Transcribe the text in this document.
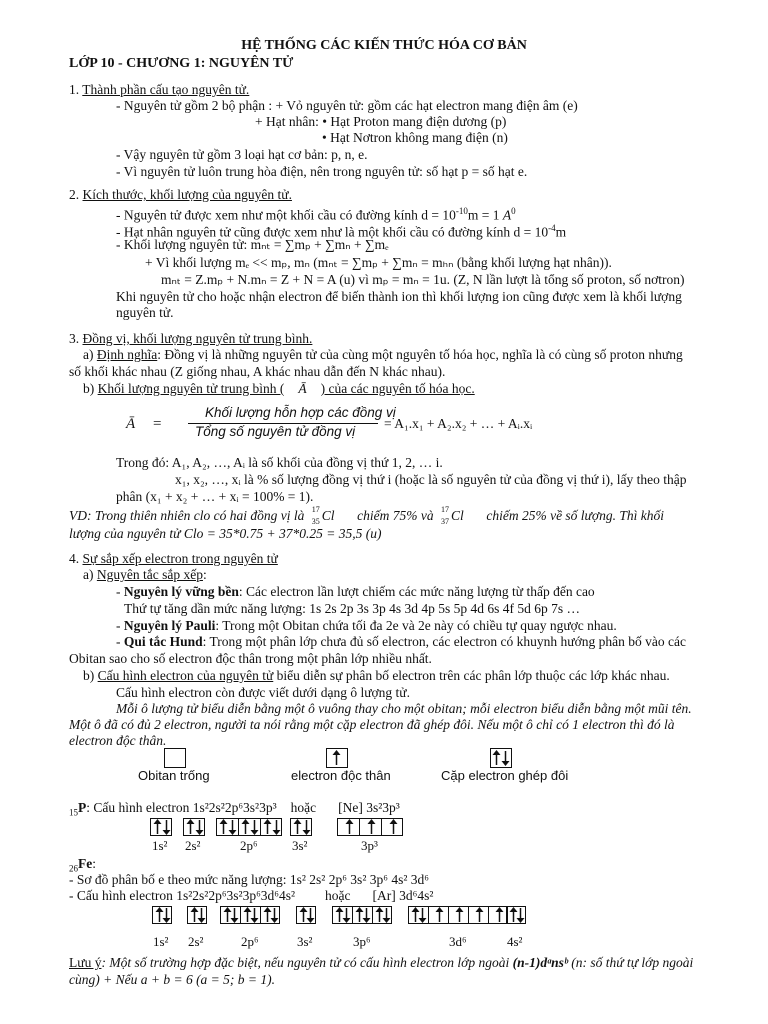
HỆ THỐNG CÁC KIẾN THỨC HÓA CƠ BẢN
LỚP 10 - CHƯƠNG 1: NGUYÊN TỬ
1. Thành phần cấu tạo nguyên tử.
- Nguyên tử gồm 2 bộ phận : + Vỏ nguyên tử: gồm các hạt electron mang điện âm (e)
+ Hạt nhân: • Hạt Proton mang điện dương (p)
• Hạt Nơtron không mang điện (n)
- Vậy nguyên tử gồm 3 loại hạt cơ bản: p, n, e.
- Vì nguyên tử luôn trung hòa điện, nên trong nguyên tử: số hạt p = số hạt e.
2. Kích thước, khối lượng của nguyên tử.
- Nguyên tử được xem như một khối cầu có đường kính $d = 10^{-10}m = 1$ $A^0$
- Hạt nhân nguyên tử cũng được xem như là một khối cầu có đường kính $d = 10^{-4}m$
- Khối lượng nguyên tử: mₙₜ = ∑mₚ + ∑mₙ + ∑mₑ
+ Vì khối lượng mₑ << mₚ, mₙ (mₙₜ = ∑mₚ + ∑mₙ = mₕₙ (bằng khối lượng hạt nhân)).
mₙₜ = Z.mₚ + N.mₙ = Z + N = A (u) vì mₚ = mₙ = 1u. (Z, N lần lượt là tổng số proton, số nơtron)
Khi nguyên tử cho hoặc nhận electron để biến thành ion thì khối lượng ion cũng được xem là khối lượng
nguyên tử.
3. Đồng vị, khối lượng nguyên tử trung bình.
a) Định nghĩa: Đồng vị là những nguyên tử của cùng một nguyên tố hóa học, nghĩa là có cùng số proton nhưng
số khối khác nhau (Z giống nhau, A khác nhau dẫn đến N khác nhau).
b) Khối lượng nguyên tử trung bình ( Ā ) của các nguyên tố hóa học.
Ā =
Khối lượng hỗn hợp các đồng vị
Tổng số nguyên tử đồng vị
= A₁.x₁ + A₂.x₂ + … + Aᵢ.xᵢ
Trong đó: A₁, A₂, …, Aᵢ là số khối của đồng vị thứ 1, 2, … i.
x₁, x₂, …, xᵢ là % số lượng đồng vị thứ i (hoặc là số nguyên tử của đồng vị thứ i), lấy theo thập
phân (x₁ + x₂ + … + xᵢ = 100% = 1).
VD: Trong thiên nhiên clo có hai đồng vị là 17
35 Cl chiếm 75% và 17
37 Cl chiếm 25% về số lượng. Thì khối
lượng của nguyên tử Clo = 35*0.75 + 37*0.25 = 35,5 (u)
4. Sự sắp xếp electron trong nguyên tử
a) Nguyên tắc sắp xếp:
- Nguyên lý vững bền: Các electron lần lượt chiếm các mức năng lượng từ thấp đến cao
Thứ tự tăng dần mức năng lượng: 1s 2s 2p 3s 3p 4s 3d 4p 5s 5p 4d 6s 4f 5d 6p 7s …
- Nguyên lý Pauli: Trong một Obitan chứa tối đa 2e và 2e này có chiều tự quay ngược nhau.
- Qui tắc Hund: Trong một phân lớp chưa đủ số electron, các electron có khuynh hướng phân bố vào các
Obitan sao cho số electron độc thân trong một phân lớp nhiều nhất.
b) Cấu hình electron của nguyên tử biểu diễn sự phân bố electron trên các phân lớp thuộc các lớp khác nhau.
Cấu hình electron còn được viết dưới dạng ô lượng tử.
Mỗi ô lượng tử biểu diễn bằng một ô vuông thay cho một obitan; mỗi electron biểu diễn bằng một mũi tên.
Một ô đã có đủ 2 electron, người ta nói rằng một cặp electron đã ghép đôi. Nếu một ô chỉ có 1 electron thì đó là
electron độc thân.
Obitan trống	electron độc thân	Cặp electron ghép đôi
$_{15}$P: Cấu hình electron 1s²2s²2p⁶3s²3p³ hoặc [Ne] 3s²3p³
$_{26}$Fe:
- Sơ đồ phân bố e theo mức năng lượng: 1s² 2s² 2p⁶ 3s² 3p⁶ 4s² 3d⁶
- Cấu hình electron 1s²2s²2p⁶3s²3p⁶3d⁶4s² hoặc [Ar] 3d⁶4s²
Lưu ý: Một số trường hợp đặc biệt, nếu nguyên tử có cấu hình electron lớp ngoài (n-1)dᵃnsᵇ (n: số thứ tự lớp ngoài
cùng) + Nếu a + b = 6 (a = 5; b = 1).
1s² 2s²	2p⁶	3s²	3p³
1s² 2s²	2p⁶	3s²	3p⁶	3d⁶	4s²
